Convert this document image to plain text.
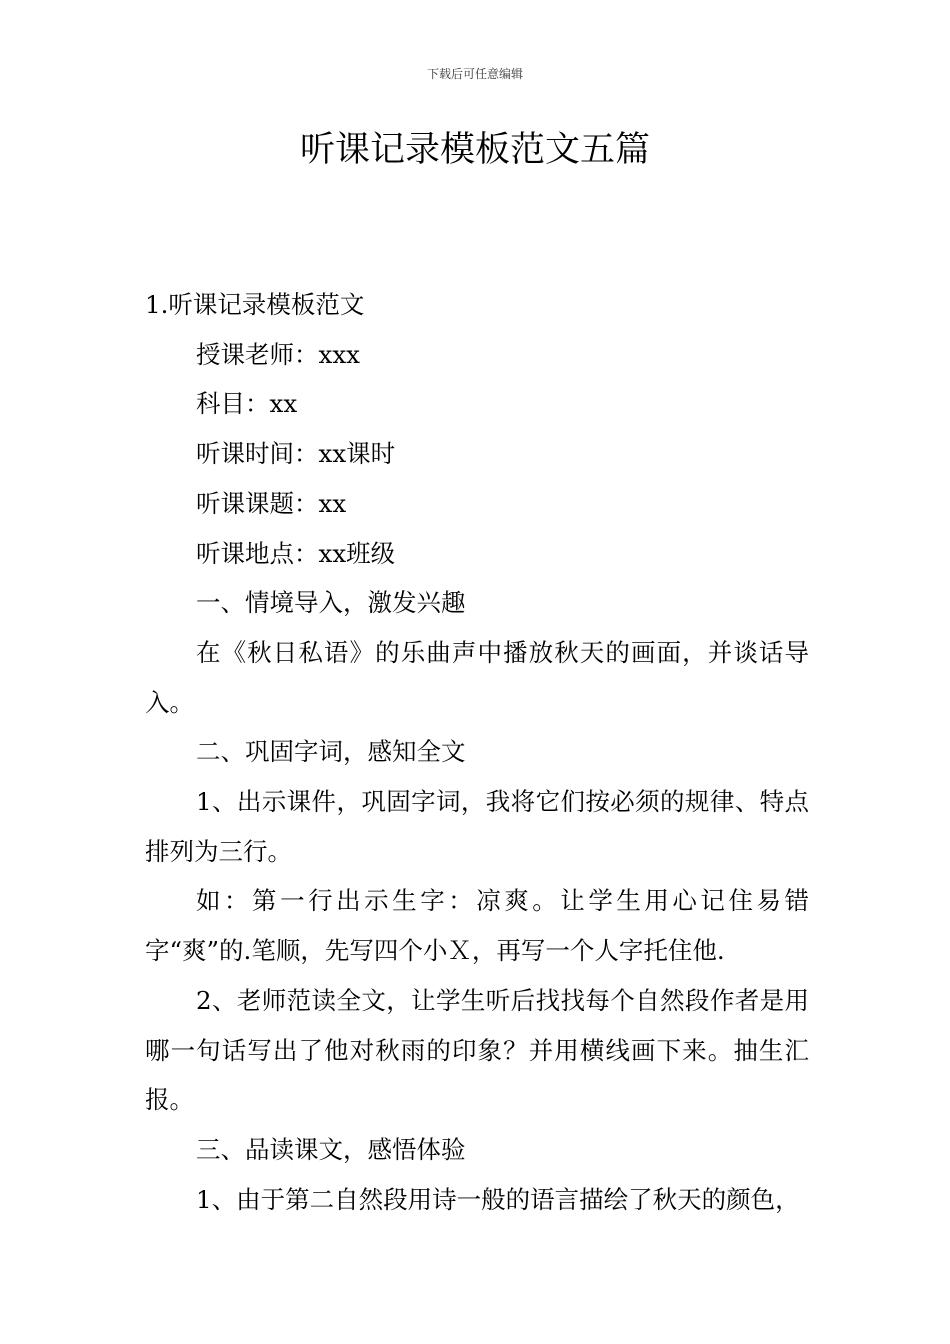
下载后可任意编辑
听课记录模板范文五篇

1.听课记录模板范文

授课老师：xxx

科目：xx

听课时间：xx课时

听课课题：xx

听课地点：xx班级

一、情境导入，激发兴趣

在《秋日私语》的乐曲声中播放秋天的画面，并谈话导入。

二、巩固字词，感知全文

1、出示课件，巩固字词，我将它们按必须的规律、特点排列为三行。

如：第一行出示生字：凉爽。让学生用心记住易错字“爽”的.笔顺，先写四个小Ｘ，再写一个人字托住他.

2、老师范读全文，让学生听后找找每个自然段作者是用哪一句话写出了他对秋雨的印象？并用横线画下来。抽生汇报。

三、品读课文，感悟体验

1、由于第二自然段用诗一般的语言描绘了秋天的颜色，
